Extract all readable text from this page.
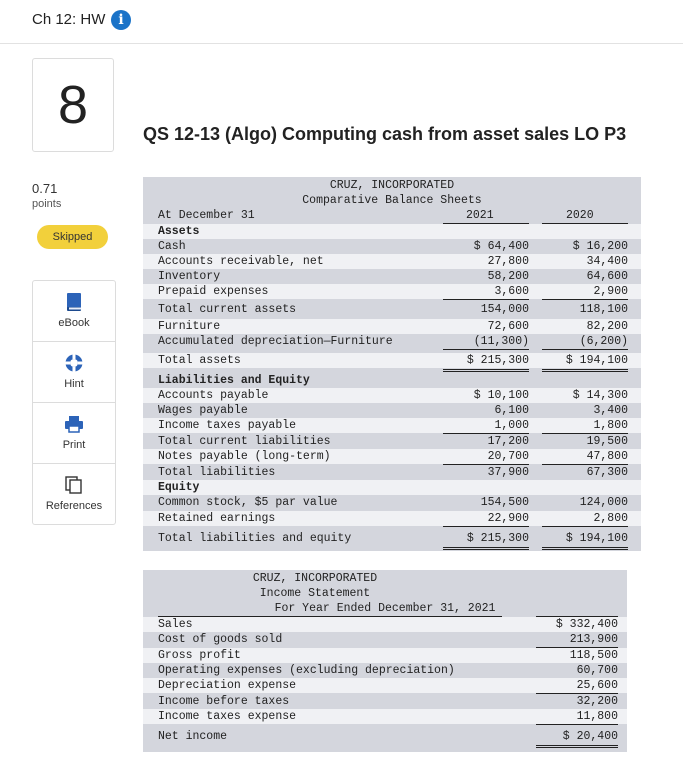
Ch 12: HW i
8	QS 12-13 (Algo) Computing cash from asset sales LO P3
0.71
points
Skipped
eBook
Hint
Print
References
CRUZ, INCORPORATED
Comparative Balance Sheets
At December 31	2021	2020
Assets
Cash	$ 64,400	$ 16,200
Accounts receivable, net	27,800	34,400
Inventory	58,200	64,600
Prepaid expenses	3,600	2,900
Total current assets	154,000	118,100
Furniture	72,600	82,200
Accumulated depreciation—Furniture	(11,300)	(6,200)
Total assets	$ 215,300	$ 194,100
Liabilities and Equity
Accounts payable	$ 10,100	$ 14,300
Wages payable	6,100	3,400
Income taxes payable	1,000	1,800
Total current liabilities	17,200	19,500
Notes payable (long-term)	20,700	47,800
Total liabilities	37,900	67,300
Equity
Common stock, $5 par value	154,500	124,000
Retained earnings	22,900	2,800
Total liabilities and equity	$ 215,300	$ 194,100
CRUZ, INCORPORATED
Income Statement
For Year Ended December 31, 2021
Sales	$ 332,400
Cost of goods sold	213,900
Gross profit	118,500
Operating expenses (excluding depreciation)	60,700
Depreciation expense	25,600
Income before taxes	32,200
Income taxes expense	11,800
Net income	$ 20,400
